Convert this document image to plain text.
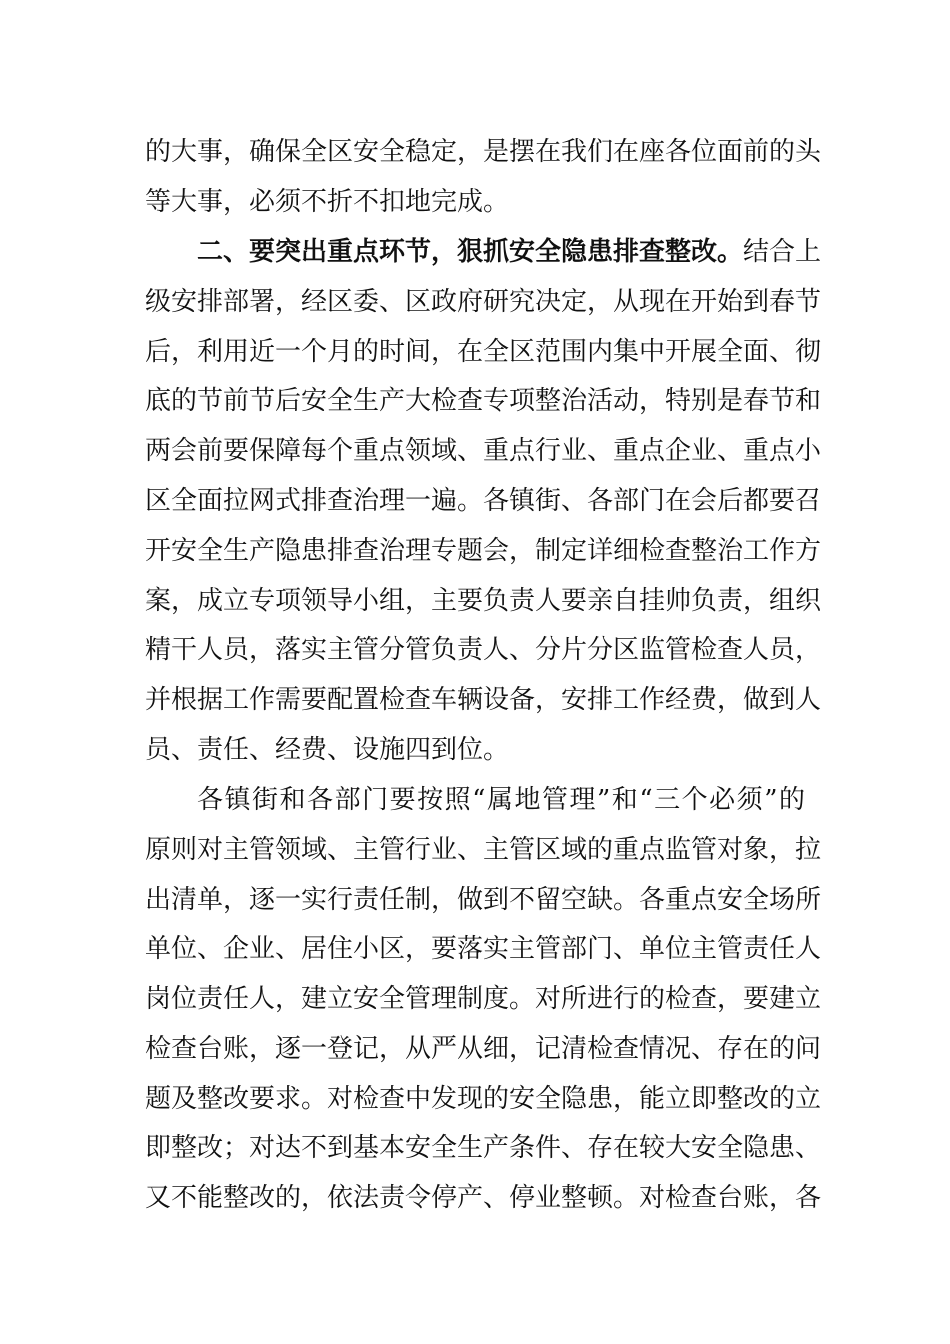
的大事，确保全区安全稳定，是摆在我们在座各位面前的头
等大事，必须不折不扣地完成。
二、要突出重点环节，狠抓安全隐患排查整改。结合上
级安排部署，经区委、区政府研究决定，从现在开始到春节
后，利用近一个月的时间，在全区范围内集中开展全面、彻
底的节前节后安全生产大检查专项整治活动，特别是春节和
两会前要保障每个重点领域、重点行业、重点企业、重点小
区全面拉网式排查治理一遍。各镇街、各部门在会后都要召
开安全生产隐患排查治理专题会，制定详细检查整治工作方
案，成立专项领导小组，主要负责人要亲自挂帅负责，组织
精干人员，落实主管分管负责人、分片分区监管检查人员，
并根据工作需要配置检查车辆设备，安排工作经费，做到人
员、责任、经费、设施四到位。
各镇街和各部门要按照“属地管理”和“三个必须”的
原则对主管领域、主管行业、主管区域的重点监管对象，拉
出清单，逐一实行责任制，做到不留空缺。各重点安全场所
单位、企业、居住小区，要落实主管部门、单位主管责任人
岗位责任人，建立安全管理制度。对所进行的检查，要建立
检查台账，逐一登记，从严从细，记清检查情况、存在的问
题及整改要求。对检查中发现的安全隐患，能立即整改的立
即整改；对达不到基本安全生产条件、存在较大安全隐患、
又不能整改的，依法责令停产、停业整顿。对检查台账，各
